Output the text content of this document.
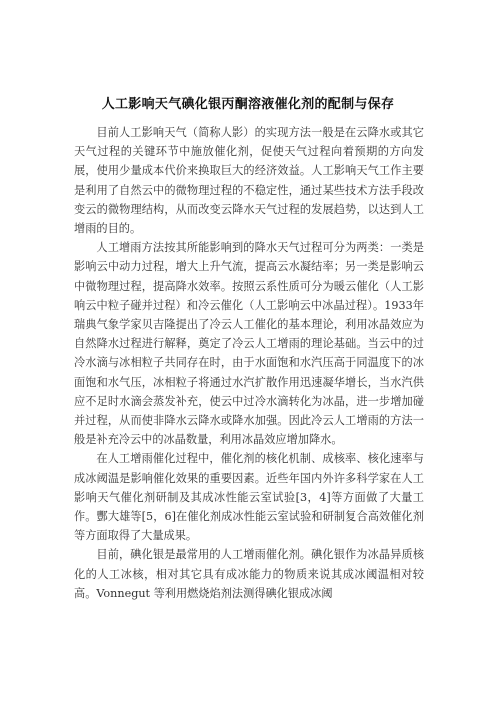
人工影响天气碘化银丙酮溶液催化剂的配制与保存

目前人工影响天气（简称人影）的实现方法一般是在云降水或其它天气过程的关键环节中施放催化剂，促使天气过程向着预期的方向发展，使用少量成本代价来换取巨大的经济效益。人工影响天气工作主要是利用了自然云中的微物理过程的不稳定性，通过某些技术方法手段改变云的微物理结构，从而改变云降水天气过程的发展趋势，以达到人工增雨的目的。

人工增雨方法按其所能影响到的降水天气过程可分为两类：一类是影响云中动力过程，增大上升气流，提高云水凝结率；另一类是影响云中微物理过程，提高降水效率。按照云系性质可分为暖云催化（人工影响云中粒子碰并过程）和冷云催化（人工影响云中冰晶过程）。1933年瑞典气象学家贝吉隆提出了冷云人工催化的基本理论，利用冰晶效应为自然降水过程进行解释，奠定了冷云人工增雨的理论基础。当云中的过冷水滴与冰相粒子共同存在时，由于水面饱和水汽压高于同温度下的冰面饱和水气压，冰相粒子将通过水汽扩散作用迅速凝华增长，当水汽供应不足时水滴会蒸发补充，使云中过冷水滴转化为冰晶，进一步增加碰并过程，从而使非降水云降水或降水加强。因此冷云人工增雨的方法一般是补充冷云中的冰晶数量，利用冰晶效应增加降水。

在人工增雨催化过程中，催化剂的核化机制、成核率、核化速率与成冰阈温是影响催化效果的重要因素。近些年国内外许多科学家在人工影响天气催化剂研制及其成冰性能云室试验[3，4]等方面做了大量工作。酆大雄等[5，6]在催化剂成冰性能云室试验和研制复合高效催化剂等方面取得了大量成果。

目前，碘化银是最常用的人工增雨催化剂。碘化银作为冰晶异质核化的人工冰核，相对其它具有成冰能力的物质来说其成冰阈温相对较高。Vonnegut 等利用燃烧焰剂法测得碘化银成冰阈
